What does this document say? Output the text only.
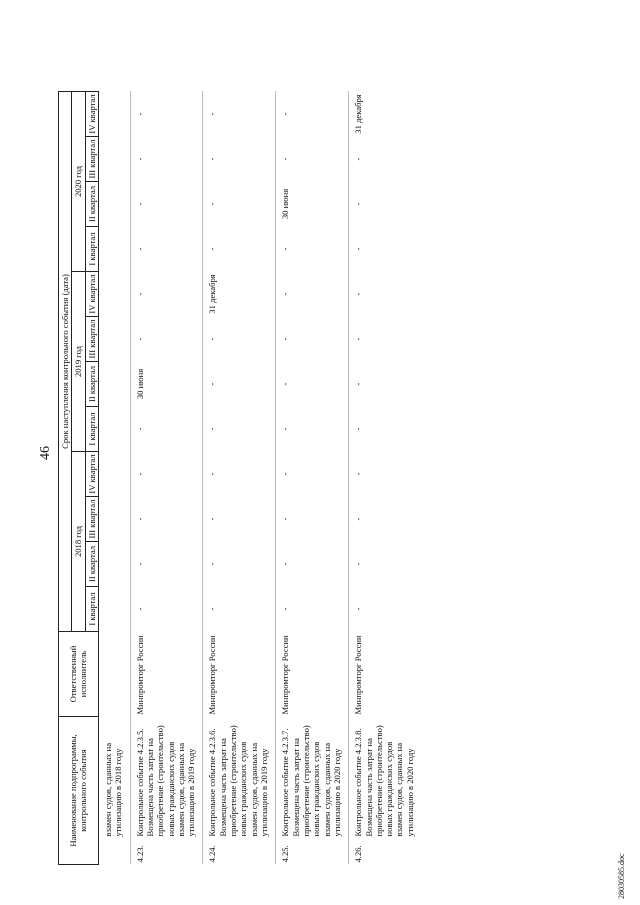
46
Наименование подпрограммы, контрольного события		Ответственный исполнитель	Срок наступления контрольного события (дата)											
			2018 год				2019 год				2020 год			
			I квартал	II квартал	III квартал	IV квартал	I квартал	II квартал	III квартал	IV квартал	I квартал	II квартал	III квартал	IV квартал
	взамен судов, сданных на утилизацию в 2018 году													
4.23.	Контрольное событие 4.2.3.5. Возмещена часть затрат на приобретение (строительство) новых гражданских судов взамен судов, сданных на утилизацию в 2019 году	Минпромторг России	-	-	-	-	-	30 июня	-	-	-	-	-	-
4.24.	Контрольное событие 4.2.3.6. Возмещена часть затрат на приобретение (строительство) новых гражданских судов взамен судов, сданных на утилизацию в 2019 году	Минпромторг России	-	-	-	-	-	-	-	31 декабря	-	-	-	-
4.25.	Контрольное событие 4.2.3.7. Возмещена часть затрат на приобретение (строительство) новых гражданских судов взамен судов, сданных на утилизацию в 2020 году	Минпромторг России	-	-	-	-	-	-	-	-	-	30 июня	-	-
4.26.	Контрольное событие 4.2.3.8. Возмещена часть затрат на приобретение (строительство) новых гражданских судов взамен судов, сданных на утилизацию в 2020 году	Минпромторг России	-	-	-	-	-	-	-	-	-	-	-	31 декабря
28030585.doc
